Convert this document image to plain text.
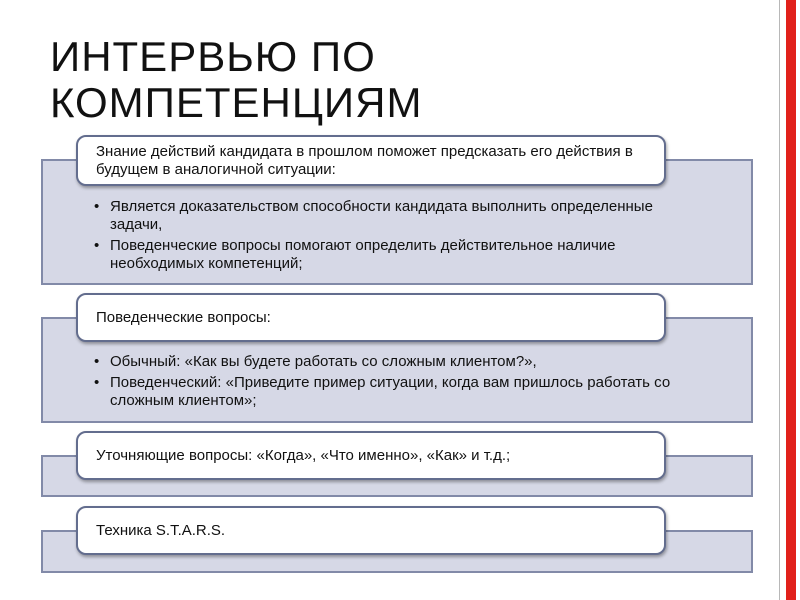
ИНТЕРВЬЮ ПО
КОМПЕТЕНЦИЯМ
Знание действий кандидата в прошлом поможет предсказать его действия в будущем в аналогичной ситуации:
• Является доказательством способности кандидата выполнить определенные задачи,
• Поведенческие вопросы помогают определить действительное наличие необходимых компетенций;
Поведенческие вопросы:
• Обычный: «Как вы будете работать со сложным клиентом?»,
• Поведенческий: «Приведите пример ситуации, когда вам пришлось работать со сложным клиентом»;
Уточняющие вопросы: «Когда», «Что именно», «Как» и т.д.;
Техника S.T.A.R.S.
